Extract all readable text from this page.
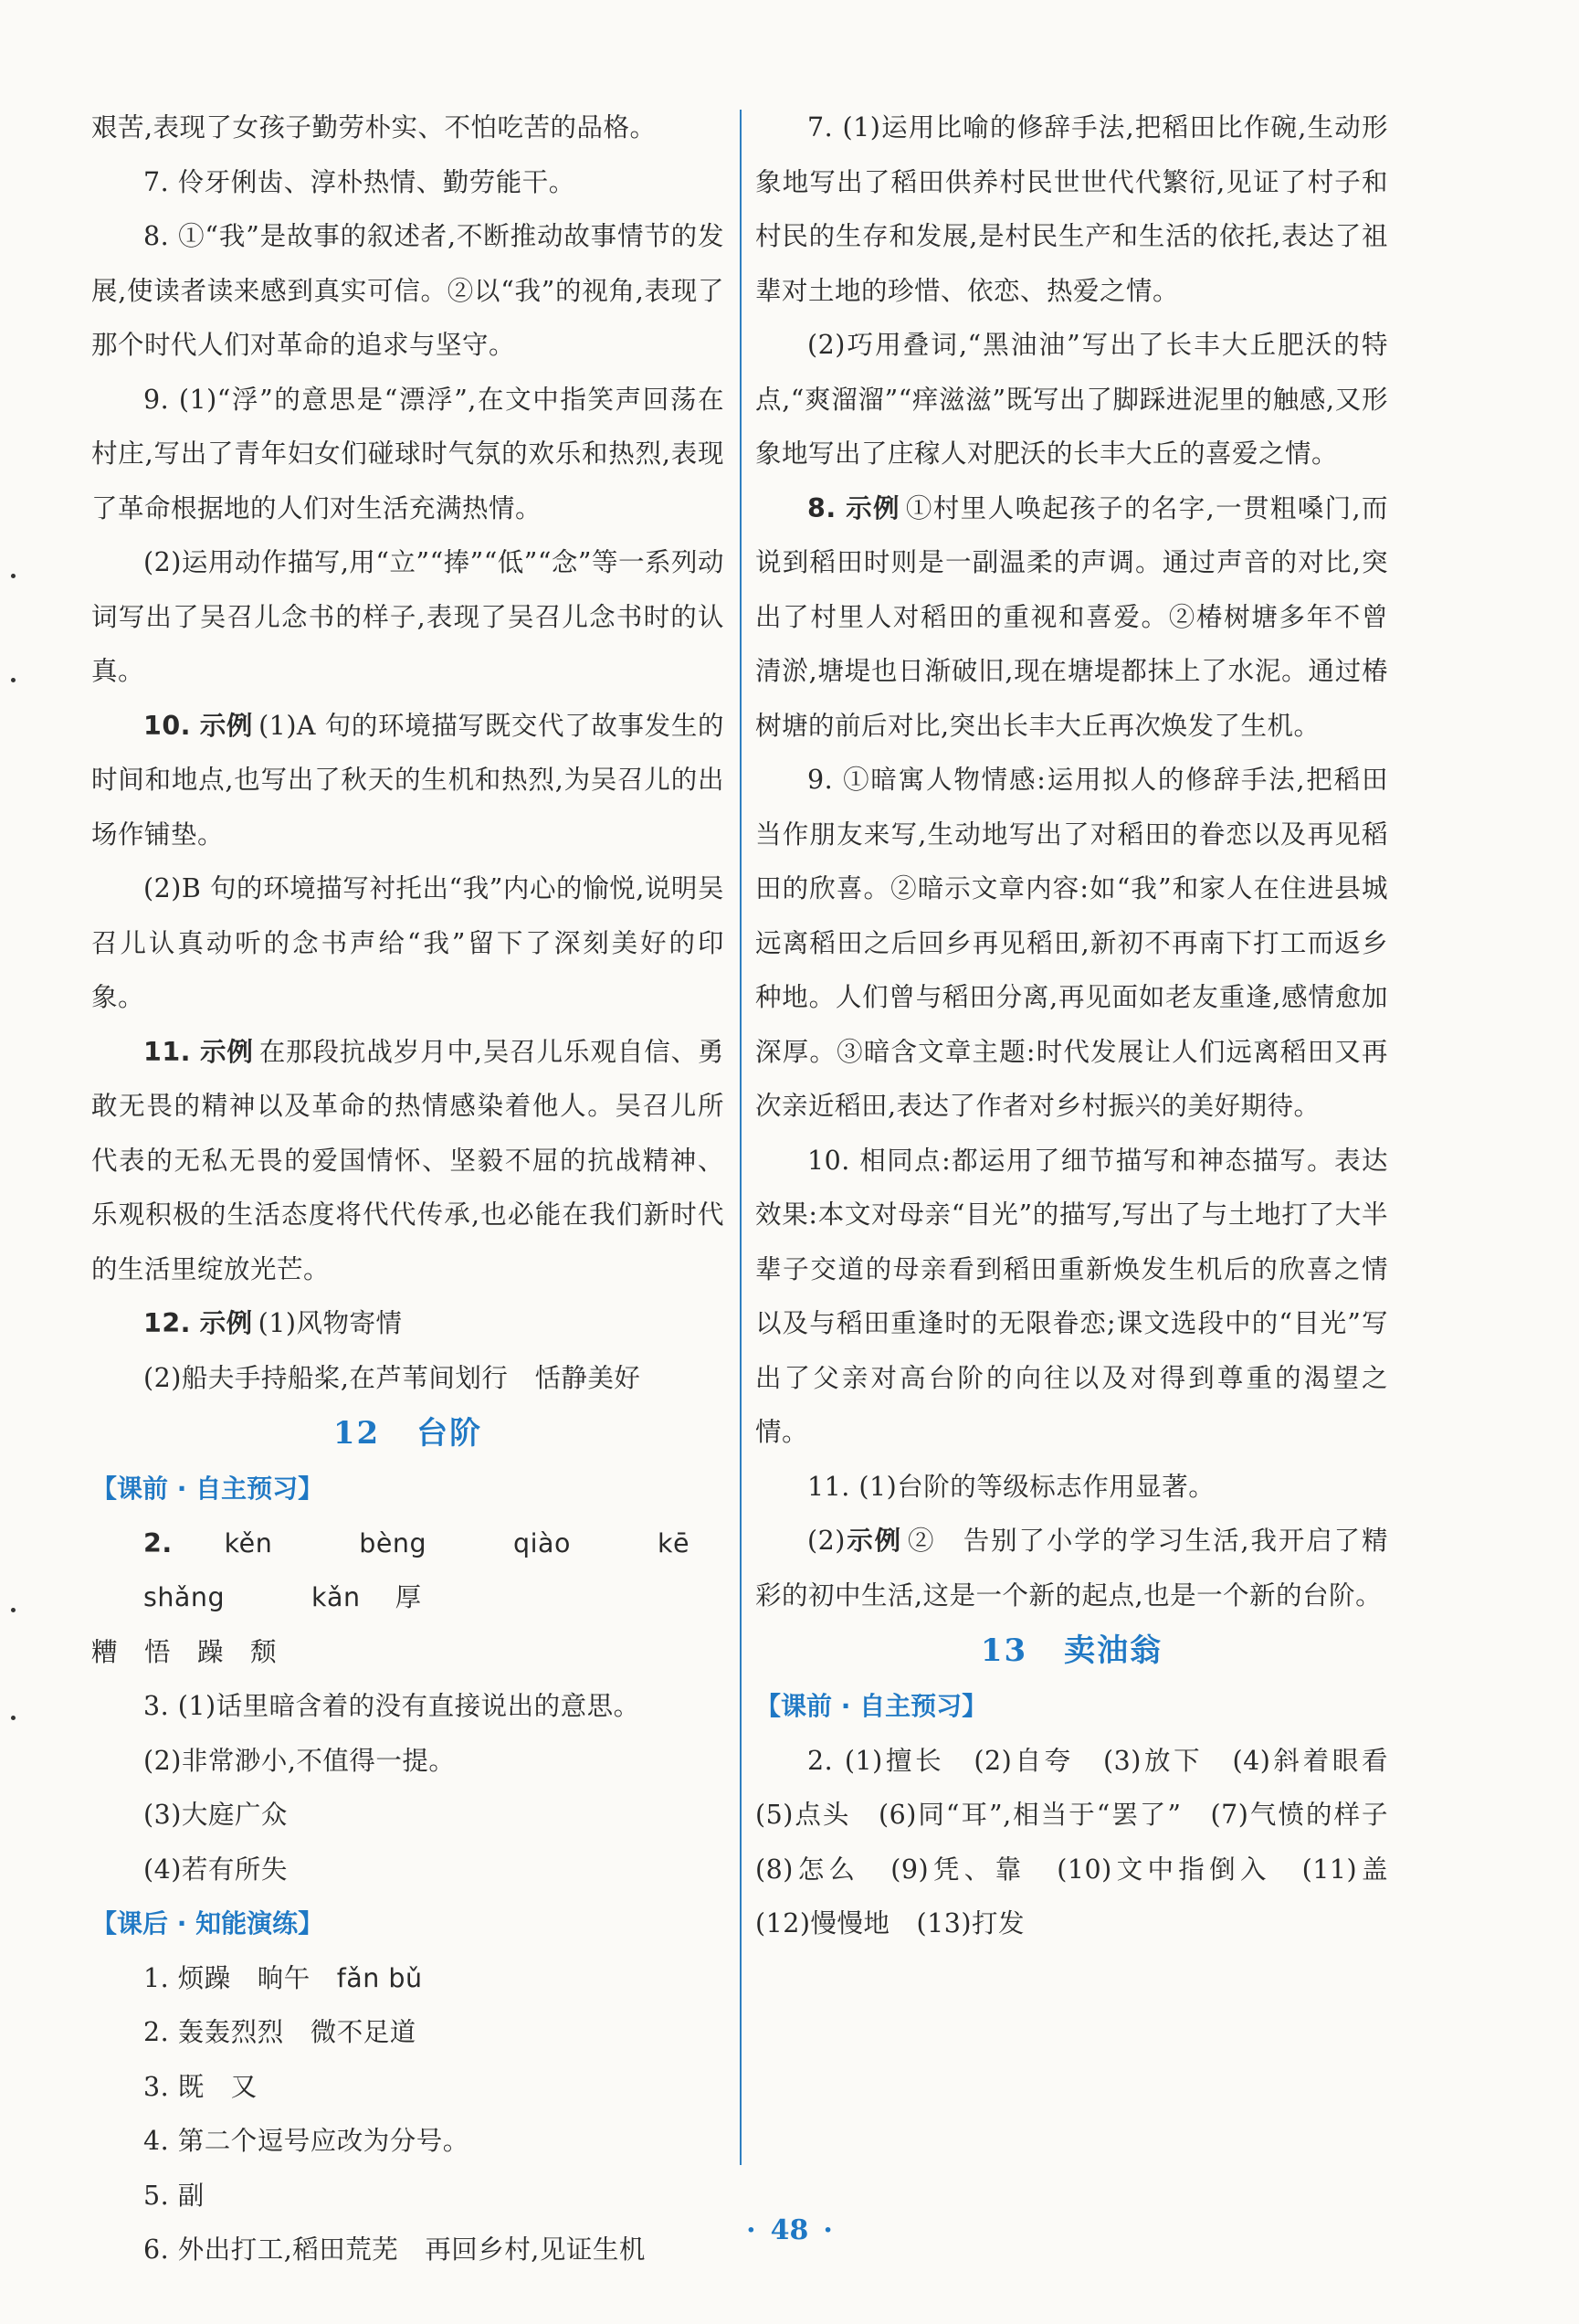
艰苦,表现了女孩子勤劳朴实、不怕吃苦的品格。

7. 伶牙俐齿、淳朴热情、勤劳能干。

8. ①“我”是故事的叙述者,不断推动故事情节的发展,使读者读来感到真实可信。②以“我”的视角,表现了那个时代人们对革命的追求与坚守。

9. (1)“浮”的意思是“漂浮”,在文中指笑声回荡在村庄,写出了青年妇女们碰球时气氛的欢乐和热烈,表现了革命根据地的人们对生活充满热情。

(2)运用动作描写,用“立”“捧”“低”“念”等一系列动词写出了吴召儿念书的样子,表现了吴召儿念书时的认真。

10. 示例 (1)A 句的环境描写既交代了故事发生的时间和地点,也写出了秋天的生机和热烈,为吴召儿的出场作铺垫。

(2)B 句的环境描写衬托出“我”内心的愉悦,说明吴召儿认真动听的念书声给“我”留下了深刻美好的印象。

11. 示例 在那段抗战岁月中,吴召儿乐观自信、勇敢无畏的精神以及革命的热情感染着他人。吴召儿所代表的无私无畏的爱国情怀、坚毅不屈的抗战精神、乐观积极的生活态度将代代传承,也必能在我们新时代的生活里绽放光芒。

12. 示例 (1)风物寄情

(2)船夫手持船桨,在芦苇间划行　恬静美好

12 台阶
【课前 · 自主预习】

2. kěn	bèng	qiào	kēshǎng	kǎn 厚

糟　悟　躁　颓

3. (1)话里暗含着的没有直接说出的意思。

(2)非常渺小,不值得一提。

(3)大庭广众

(4)若有所失

【课后 · 知能演练】

1. 烦躁　晌午　fǎn bǔ

2. 轰轰烈烈　微不足道

3. 既　又

4. 第二个逗号应改为分号。

5. 副

6. 外出打工,稻田荒芜　再回乡村,见证生机

7. (1)运用比喻的修辞手法,把稻田比作碗,生动形象地写出了稻田供养村民世世代代繁衍,见证了村子和村民的生存和发展,是村民生产和生活的依托,表达了祖辈对土地的珍惜、依恋、热爱之情。

(2)巧用叠词,“黑油油”写出了长丰大丘肥沃的特点,“爽溜溜”“痒滋滋”既写出了脚踩进泥里的触感,又形象地写出了庄稼人对肥沃的长丰大丘的喜爱之情。

8. 示例 ①村里人唤起孩子的名字,一贯粗嗓门,而说到稻田时则是一副温柔的声调。通过声音的对比,突出了村里人对稻田的重视和喜爱。②椿树塘多年不曾清淤,塘堤也日渐破旧,现在塘堤都抹上了水泥。通过椿树塘的前后对比,突出长丰大丘再次焕发了生机。

9. ①暗寓人物情感:运用拟人的修辞手法,把稻田当作朋友来写,生动地写出了对稻田的眷恋以及再见稻田的欣喜。②暗示文章内容:如“我”和家人在住进县城远离稻田之后回乡再见稻田,新初不再南下打工而返乡种地。人们曾与稻田分离,再见面如老友重逢,感情愈加深厚。③暗含文章主题:时代发展让人们远离稻田又再次亲近稻田,表达了作者对乡村振兴的美好期待。

10. 相同点:都运用了细节描写和神态描写。表达效果:本文对母亲“目光”的描写,写出了与土地打了大半辈子交道的母亲看到稻田重新焕发生机后的欣喜之情以及与稻田重逢时的无限眷恋;课文选段中的“目光”写出了父亲对高台阶的向往以及对得到尊重的渴望之情。

11. (1)台阶的等级标志作用显著。

(2)示例 ②　告别了小学的学习生活,我开启了精彩的初中生活,这是一个新的起点,也是一个新的台阶。

13 卖油翁
【课前 · 自主预习】

2. (1)擅长　(2)自夸　(3)放下　(4)斜着眼看　(5)点头　(6)同“耳”,相当于“罢了”　(7)气愤的样子　(8)怎么　(9)凭、靠　(10)文中指倒入　(11)盖　(12)慢慢地　(13)打发

· 48 ·
